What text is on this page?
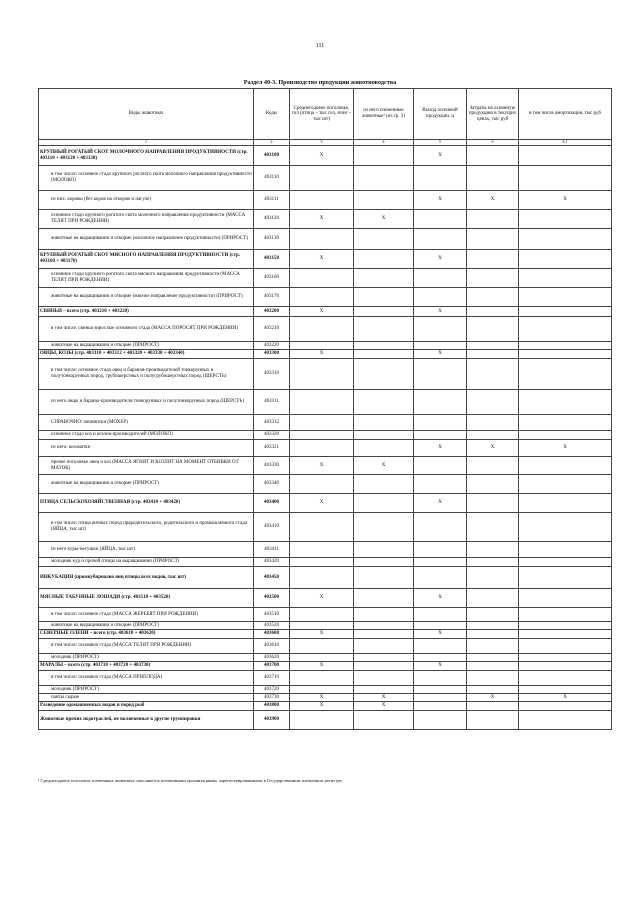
111
Раздел 40-3. Производство продукции животноводства
Виды животных	Коды	Среднегодовое поголовье, гол (птица – тыс гол, пчёл – тыс шт)	из него племенные животные¹ (из гр. 3)	Выход основной продукции, ц	Затраты на основную продукцию в текущих ценах, тыс руб	в том числе амортизация, тыс руб
1	2	3	4	5	6	6.1
КРУПНЫЙ РОГАТЫЙ СКОТ МОЛОЧНОГО НАПРАВЛЕНИЯ ПРОДУКТИВНОСТИ (стр. 403110 + 403120 + 403130)	403100	X		X		
в том числе: основное стадо крупного рогатого скота молочного направления продуктивности (МОЛОКО)	403110					
из них: коровы (без коров на откорме и нагуле)	403111			X	X	X
основное стадо крупного рогатого скота молочного направления продуктивности (МАССА ТЕЛЯТ ПРИ РОЖДЕНИИ)	403120	X	X			
животные на выращивании и откорме (молочное направление продуктивности) (ПРИРОСТ)	403130					
КРУПНЫЙ РОГАТЫЙ СКОТ МЯСНОГО НАПРАВЛЕНИЯ ПРОДУКТИВНОСТИ (стр. 403160 + 403170)	403150	X		X		
основное стадо крупного рогатого скота мясного направления продуктивности (МАССА ТЕЛЯТ ПРИ РОЖДЕНИИ)	403160					
животные на выращивании и откорме (мясное направление продуктивности) (ПРИРОСТ)	403170					
СВИНЬИ – всего (стр. 403210 + 403220)	403200	X		X		
в том числе: свиньи взрослые основного стада (МАССА ПОРОСЯТ ПРИ РОЖДЕНИИ)	403210					
животные на выращивании и откорме (ПРИРОСТ)	403220					
ОВЦЫ, КОЗЫ (стр. 403310 + 403312 + 403320 + 403330 + 403340)	403300	X		X		
в том числе: основное стадо овец и баранов-производителей тонкорунных и полутонкорунных пород, грубошерстных и полугрубошерстных пород (ШЕРСТЬ)	403310					
из него овцы и бараны-производители тонкорунных и полутонкорунных пород (ШЕРСТЬ)	403311					
СПРАВОЧНО: овчинитки (МОХЕР)	403312					
основное стадо коз и козлов-производителей (МОЛОКО)	403320					
из него: козоматки	403321			X	X	X
прочее поголовье овец и коз (МАССА ЯГНЯТ И КОЗЛЯТ НА МОМЕНТ ОТБИВКИ ОТ МАТОК)	403330	X	X			
животные на выращивании и откорме (ПРИРОСТ)	403340					
ПТИЦА СЕЛЬСКОХОЗЯЙСТВЕННАЯ (стр. 403410 + 403420)	403400	X		X		
в том числе: птица яичных пород прародительского, родительского и промышленного стада (ЯЙЦА, тыс шт)	403410					
из него куры-несушки (ЯЙЦА, тыс шт)	403411					
молодняк кур и прочей птицы на выращивании (ПРИРОСТ)	403420					
ИНКУБАЦИЯ (промкубировано яиц птицы всех видов, тыс шт)	403450					
МЯСНЫЕ ТАБУННЫЕ ЛОШАДИ (стр. 403510 + 403520)	403500	X		X		
в том числе: основное стадо (МАССА ЖЕРЕБЯТ ПРИ РОЖДЕНИИ)	403510					
животные на выращивании и откорме (ПРИРОСТ)	403520					
СЕВЕРНЫЕ ОЛЕНИ – всего (стр. 403610 + 403620)	403600	X		X		
в том числе: основное стадо (МАССА ТЕЛЯТ ПРИ РОЖДЕНИИ)	403610					
молодняк (ПРИРОСТ)	403620					
МАРАЛЫ – всего (стр. 403710 + 403720 + 403730)	403700	X		X		
в том числе: основное стадо (МАССА ПРИПЛОДА)	403710					
молодняк (ПРИРОСТ)	403720					
панты сырые	403730	X	X		X	X
Разведение одомашненных видов и пород рыб	403800	X	X			
Животные прочих подотраслей, не включенные в другие группировки	403900					
¹ Среднегодовое поголовье племенных животных заполняется племенными организациями, зарегистрированными в Государственном племенном регистре.
